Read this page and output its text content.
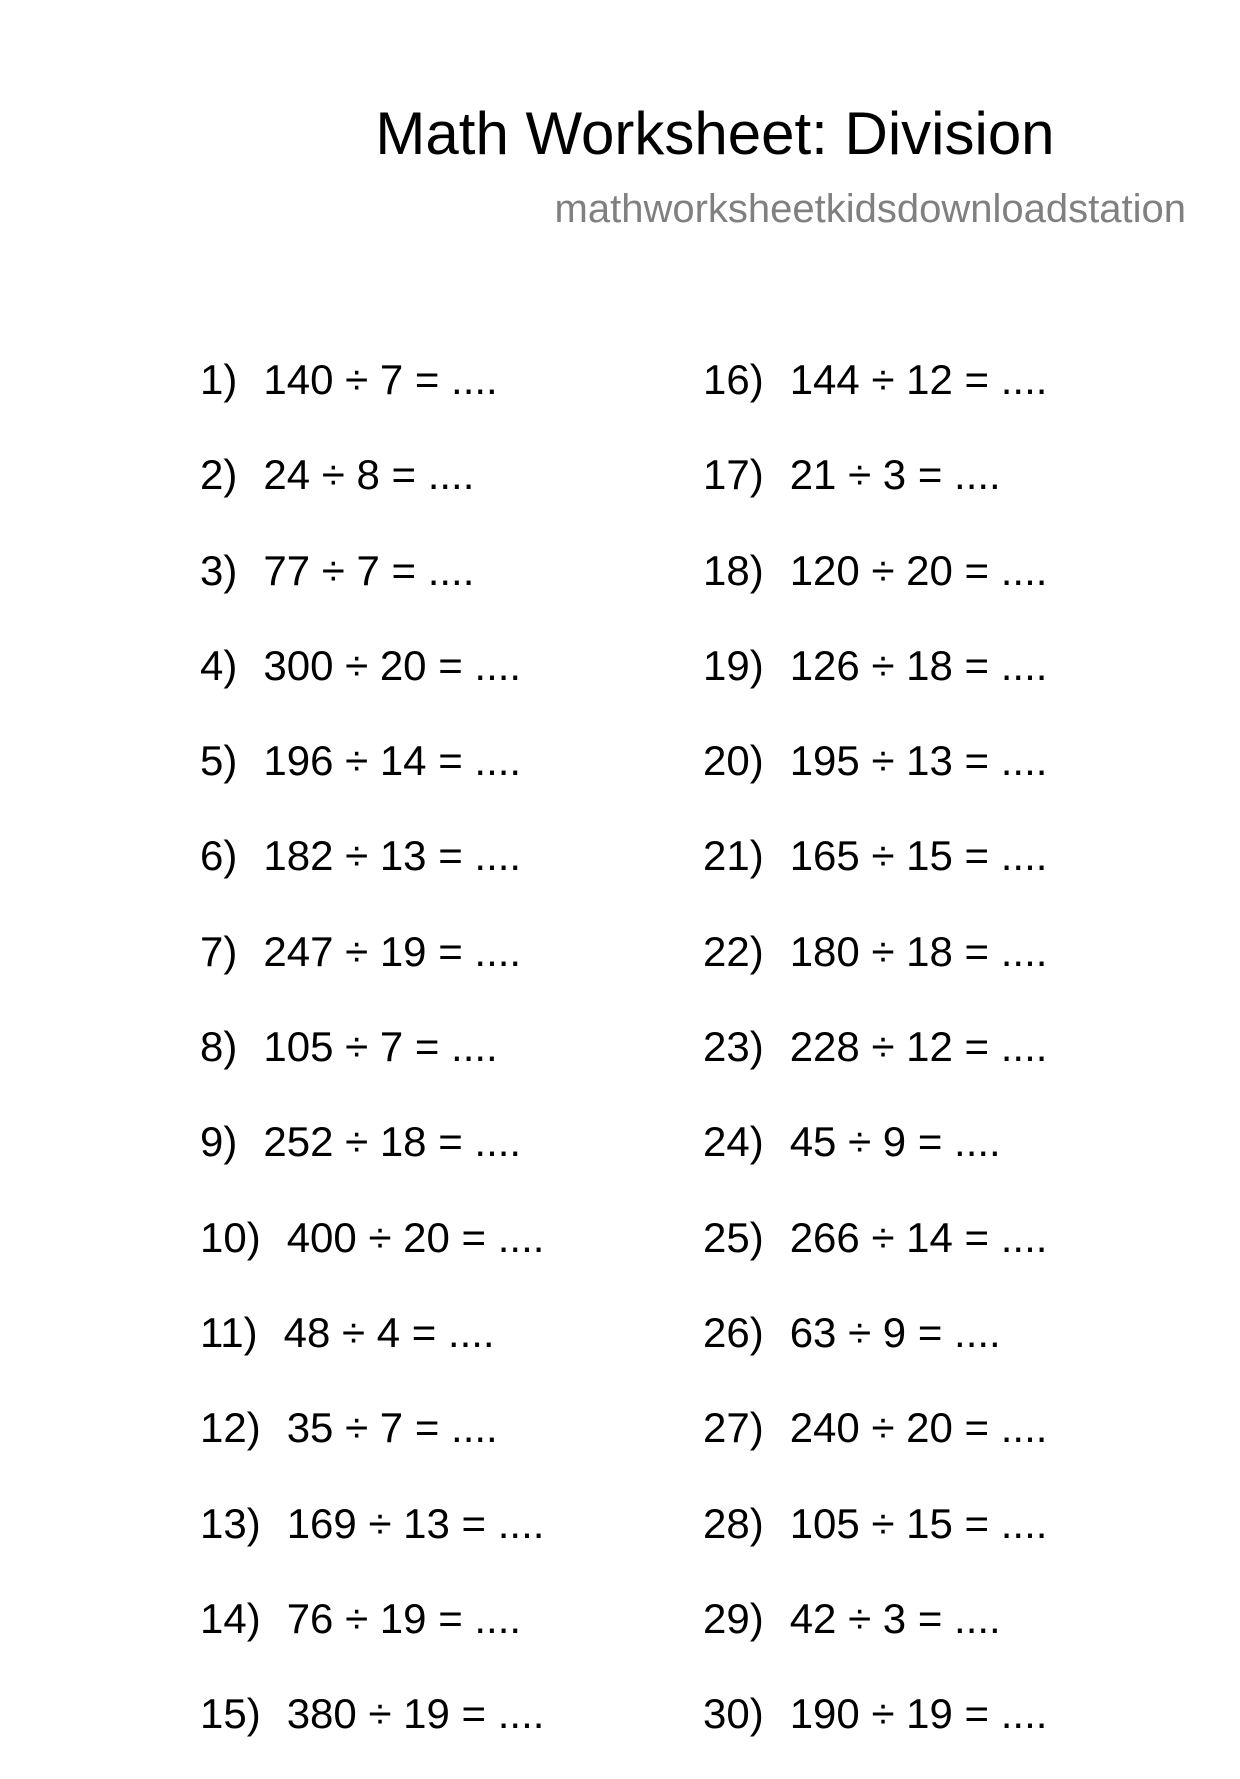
Math Worksheet: Division
mathworksheetkidsdownloadstation
1) 140 ÷ 7 = ....
2) 24 ÷ 8 = ....
3) 77 ÷ 7 = ....
4) 300 ÷ 20 = ....
5) 196 ÷ 14 = ....
6) 182 ÷ 13 = ....
7) 247 ÷ 19 = ....
8) 105 ÷ 7 = ....
9) 252 ÷ 18 = ....
10) 400 ÷ 20 = ....
11) 48 ÷ 4 = ....
12) 35 ÷ 7 = ....
13) 169 ÷ 13 = ....
14) 76 ÷ 19 = ....
15) 380 ÷ 19 = ....
16) 144 ÷ 12 = ....
17) 21 ÷ 3 = ....
18) 120 ÷ 20 = ....
19) 126 ÷ 18 = ....
20) 195 ÷ 13 = ....
21) 165 ÷ 15 = ....
22) 180 ÷ 18 = ....
23) 228 ÷ 12 = ....
24) 45 ÷ 9 = ....
25) 266 ÷ 14 = ....
26) 63 ÷ 9 = ....
27) 240 ÷ 20 = ....
28) 105 ÷ 15 = ....
29) 42 ÷ 3 = ....
30) 190 ÷ 19 = ....
